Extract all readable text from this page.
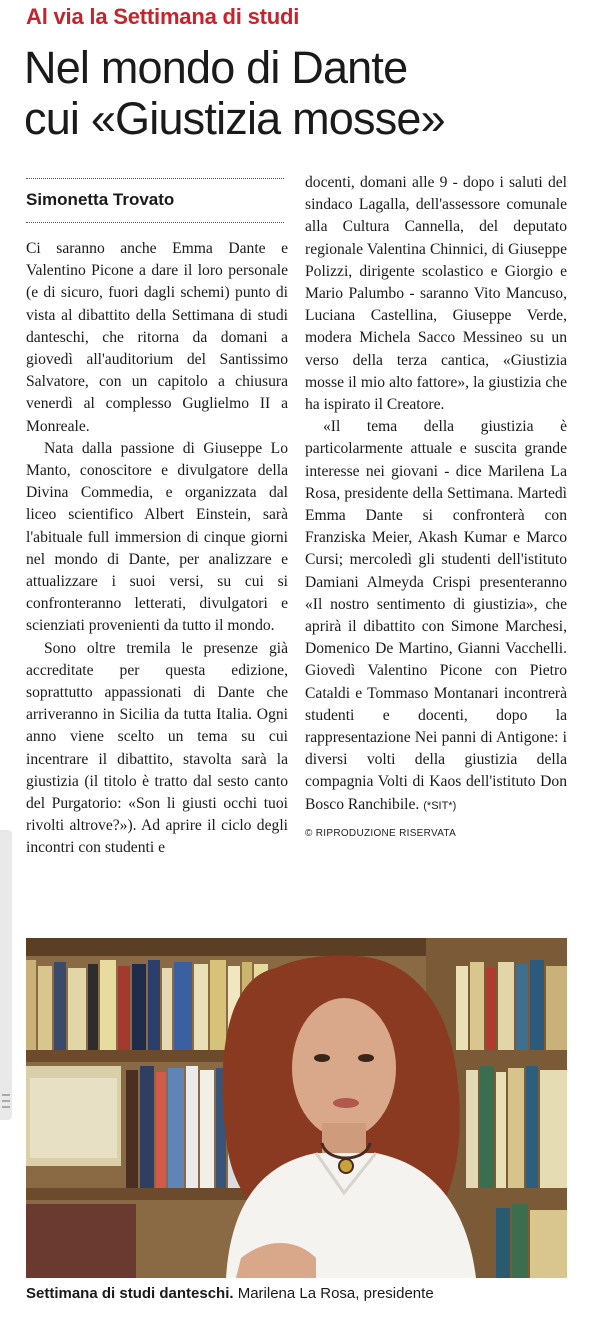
Al via la Settimana di studi
Nel mondo di Dante
cui «Giustizia mosse»
Simonetta Trovato

Ci saranno anche Emma Dante e Valentino Picone a dare il loro personale (e di sicuro, fuori dagli schemi) punto di vista al dibattito della Settimana di studi danteschi, che ritorna da domani a giovedì all'auditorium del Santissimo Salvatore, con un capitolo a chiusura venerdì al complesso Guglielmo II a Monreale.

Nata dalla passione di Giuseppe Lo Manto, conoscitore e divulgatore della Divina Commedia, e organizzata dal liceo scientifico Albert Einstein, sarà l'abituale full immersion di cinque giorni nel mondo di Dante, per analizzare e attualizzare i suoi versi, su cui si confronteranno letterati, divulgatori e scienziati provenienti da tutto il mondo.

Sono oltre tremila le presenze già accreditate per questa edizione, soprattutto appassionati di Dante che arriveranno in Sicilia da tutta Italia. Ogni anno viene scelto un tema su cui incentrare il dibattito, stavolta sarà la giustizia (il titolo è tratto dal sesto canto del Purgatorio: «Son li giusti occhi tuoi rivolti altrove?»). Ad aprire il ciclo degli incontri con studenti e

docenti, domani alle 9 - dopo i saluti del sindaco Lagalla, dell'assessore comunale alla Cultura Cannella, del deputato regionale Valentina Chinnici, di Giuseppe Polizzi, dirigente scolastico e Giorgio e Mario Palumbo - saranno Vito Mancuso, Luciana Castellina, Giuseppe Verde, modera Michela Sacco Messineo su un verso della terza cantica, «Giustizia mosse il mio alto fattore», la giustizia che ha ispirato il Creatore.

«Il tema della giustizia è particolarmente attuale e suscita grande interesse nei giovani - dice Marilena La Rosa, presidente della Settimana. Martedì Emma Dante si confronterà con Franziska Meier, Akash Kumar e Marco Cursi; mercoledì gli studenti dell'istituto Damiani Almeyda Crispi presenteranno «Il nostro sentimento di giustizia», che aprirà il dibattito con Simone Marchesi, Domenico De Martino, Gianni Vacchelli. Giovedì Valentino Picone con Pietro Cataldi e Tommaso Montanari incontrerà studenti e docenti, dopo la rappresentazione Nei panni di Antigone: i diversi volti della giustizia della compagnia Volti di Kaos dell'istituto Don Bosco Ranchibile. (*SIT*)

© RIPRODUZIONE RISERVATA
Settimana di studi danteschi. Marilena La Rosa, presidente
